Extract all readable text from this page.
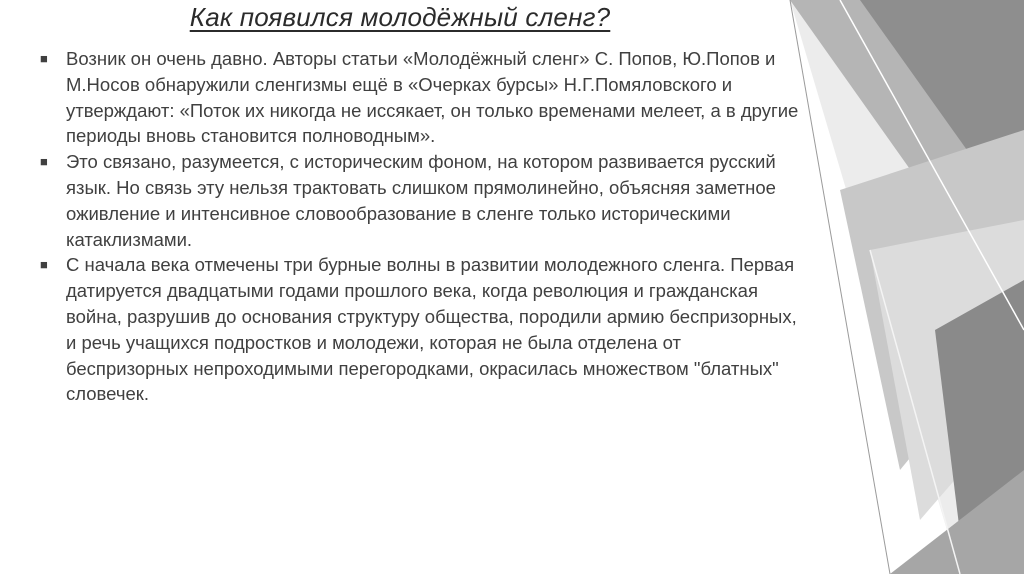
Как появился молодёжный сленг?
■ Возник он очень давно. Авторы статьи «Молодёжный сленг» С. Попов, Ю.Попов и М.Носов обнаружили сленгизмы ещё в «Очерках бурсы» Н.Г.Помяловского и утверждают: «Поток их никогда не иссякает, он только временами мелеет, а в другие периоды вновь становится полноводным».
■ Это связано, разумеется, с историческим фоном, на котором развивается русский язык. Но связь эту нельзя трактовать слишком прямолинейно, объясняя заметное оживление и интенсивное словообразование в сленге только историческими катаклизмами.
■ С начала века отмечены три бурные волны в развитии молодежного сленга. Первая датируется двадцатыми годами прошлого века, когда революция и гражданская война, разрушив до основания структуру общества, породили армию беспризорных, и речь учащихся подростков и молодежи, которая не была отделена от беспризорных непроходимыми перегородками, окрасилась множеством "блатных" словечек.
